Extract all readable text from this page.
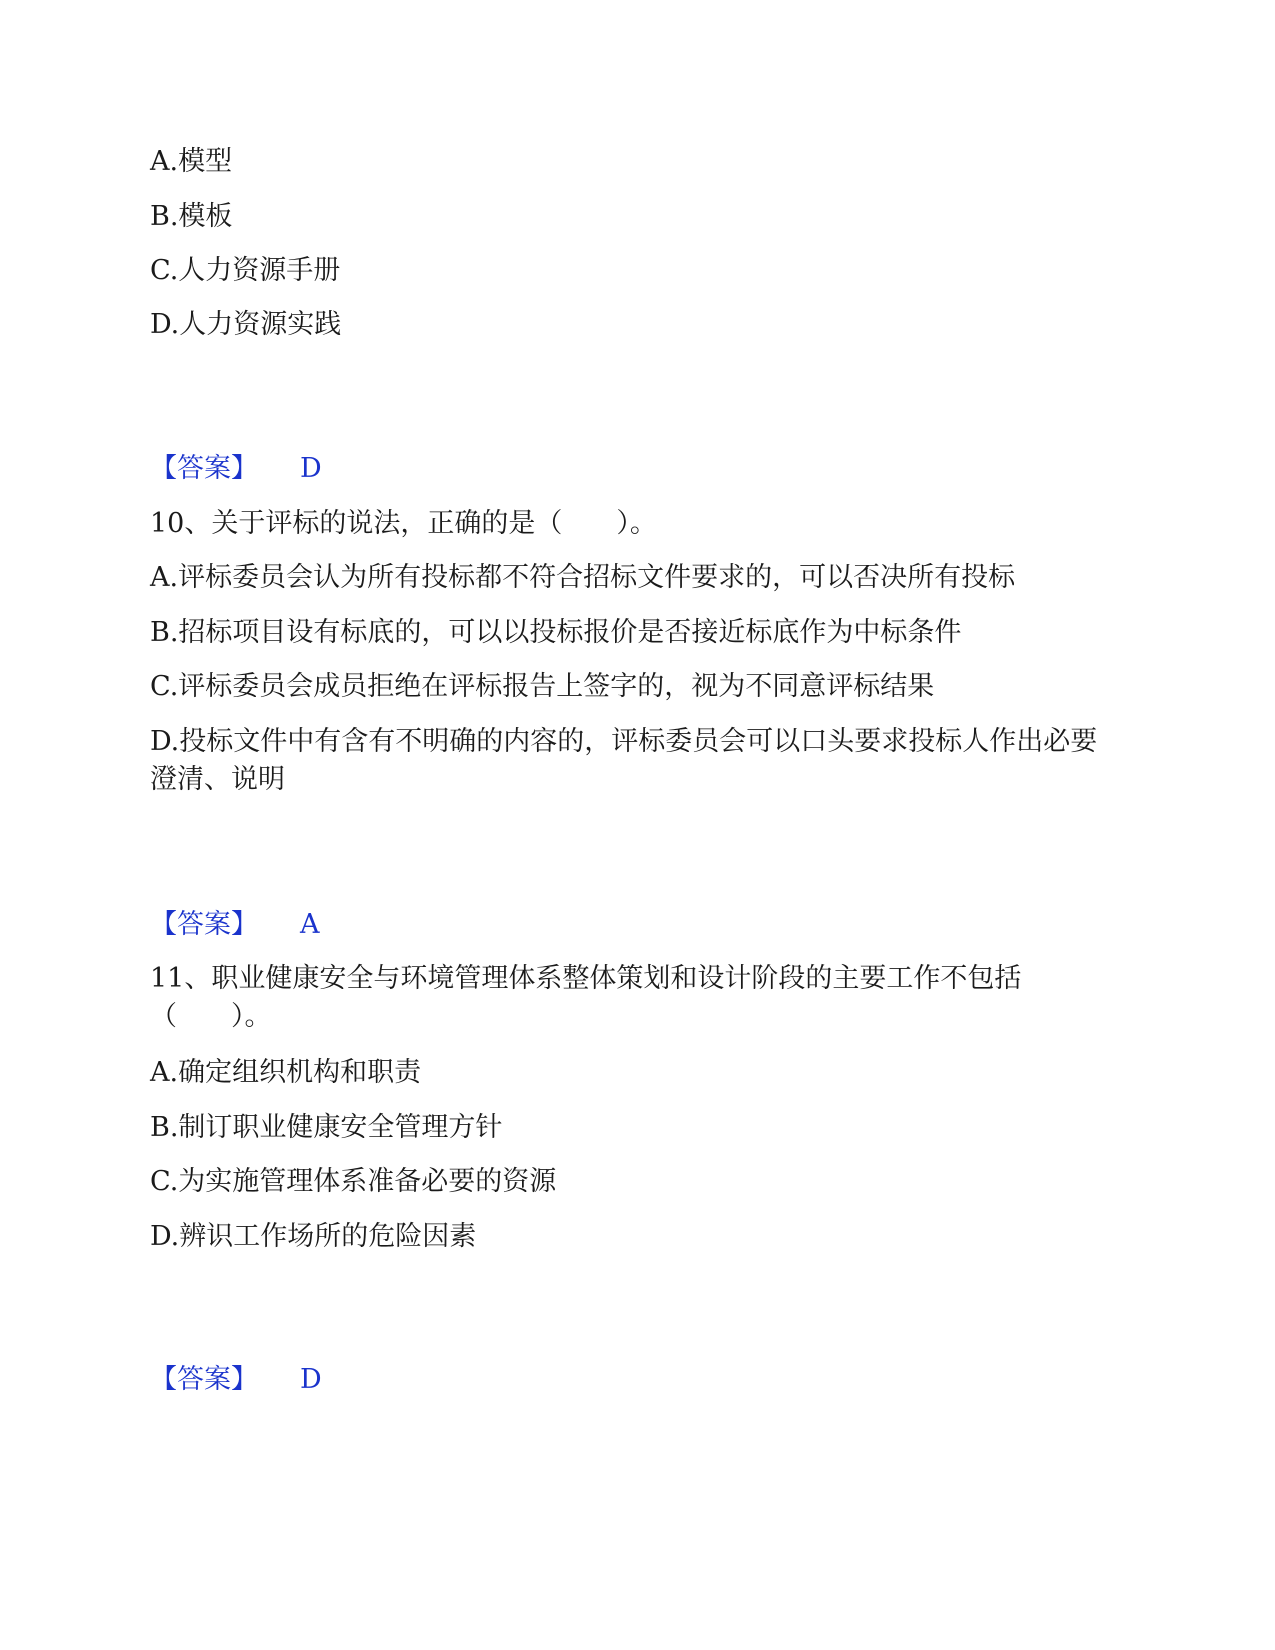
A.模型
B.模板
C.人力资源手册
D.人力资源实践
【答案】 D
10、关于评标的说法，正确的是（　　）。
A.评标委员会认为所有投标都不符合招标文件要求的，可以否决所有投标
B.招标项目设有标底的，可以以投标报价是否接近标底作为中标条件
C.评标委员会成员拒绝在评标报告上签字的，视为不同意评标结果
D.投标文件中有含有不明确的内容的，评标委员会可以口头要求投标人作出必要澄清、说明
【答案】 A
11、职业健康安全与环境管理体系整体策划和设计阶段的主要工作不包括（　　）。
A.确定组织机构和职责
B.制订职业健康安全管理方针
C.为实施管理体系准备必要的资源
D.辨识工作场所的危险因素
【答案】 D
